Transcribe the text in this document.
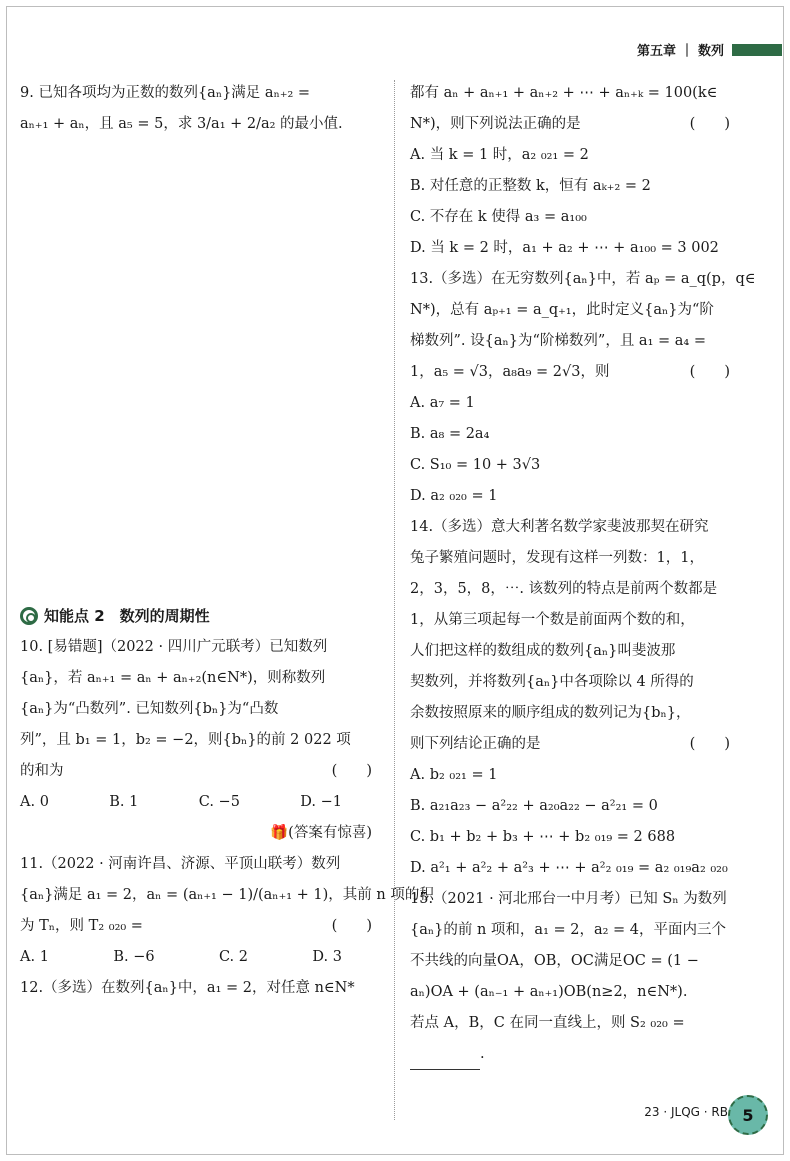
第五章 ｜ 数列
9. 已知各项均为正数的数列{aₙ}满足 aₙ₊₂ =
aₙ₊₁ + aₙ，且 a₅ = 5，求 3/a₁ + 2/a₂ 的最小值.
知能点 2　数列的周期性
10. [易错题]（2022 · 四川广元联考）已知数列
{aₙ}，若 aₙ₊₁ = aₙ + aₙ₊₂(n∈N*)，则称数列
{aₙ}为“凸数列”. 已知数列{bₙ}为“凸数
列”，且 b₁ = 1，b₂ = −2，则{bₙ}的前 2 022 项
的和为	(　　)
A. 0	B. 1	C. −5	D. −1
🎁(答案有惊喜)
11.（2022 · 河南许昌、济源、平顶山联考）数列
{aₙ}满足 a₁ = 2，aₙ = (aₙ₊₁ − 1)/(aₙ₊₁ + 1)，其前 n 项的积
为 Tₙ，则 T₂ ₀₂₀ =	(　　)
A. 1	B. −6	C. 2	D. 3
12.（多选）在数列{aₙ}中，a₁ = 2，对任意 n∈N*
都有 aₙ + aₙ₊₁ + aₙ₊₂ + ⋯ + aₙ₊ₖ = 100(k∈
N*)，则下列说法正确的是	(　　)
A. 当 k = 1 时，a₂ ₀₂₁ = 2
B. 对任意的正整数 k，恒有 aₖ₊₂ = 2
C. 不存在 k 使得 a₃ = a₁₀₀
D. 当 k = 2 时，a₁ + a₂ + ⋯ + a₁₀₀ = 3 002
13.（多选）在无穷数列{aₙ}中，若 aₚ = a_q(p，q∈
N*)，总有 aₚ₊₁ = a_q₊₁，此时定义{aₙ}为“阶
梯数列”. 设{aₙ}为“阶梯数列”，且 a₁ = a₄ =
1，a₅ = √3，a₈a₉ = 2√3，则	(　　)
A. a₇ = 1
B. a₈ = 2a₄
C. S₁₀ = 10 + 3√3
D. a₂ ₀₂₀ = 1
14.（多选）意大利著名数学家斐波那契在研究
兔子繁殖问题时，发现有这样一列数：1，1，
2，3，5，8，⋯. 该数列的特点是前两个数都是
1，从第三项起每一个数是前面两个数的和，
人们把这样的数组成的数列{aₙ}叫斐波那
契数列，并将数列{aₙ}中各项除以 4 所得的
余数按照原来的顺序组成的数列记为{bₙ}，
则下列结论正确的是	(　　)
A. b₂ ₀₂₁ = 1
B. a₂₁a₂₃ − a²₂₂ + a₂₀a₂₂ − a²₂₁ = 0
C. b₁ + b₂ + b₃ + ⋯ + b₂ ₀₁₉ = 2 688
D. a²₁ + a²₂ + a²₃ + ⋯ + a²₂ ₀₁₉ = a₂ ₀₁₉a₂ ₀₂₀
15.（2021 · 河北邢台一中月考）已知 Sₙ 为数列
{aₙ}的前 n 项和，a₁ = 2，a₂ = 4，平面内三个
不共线的向量OA，OB，OC满足OC = (1 −
aₙ)OA + (aₙ₋₁ + aₙ₊₁)OB(n≥2，n∈N*).
若点 A，B，C 在同一直线上，则 S₂ ₀₂₀ =
.
23 · JLQG · RB 5
